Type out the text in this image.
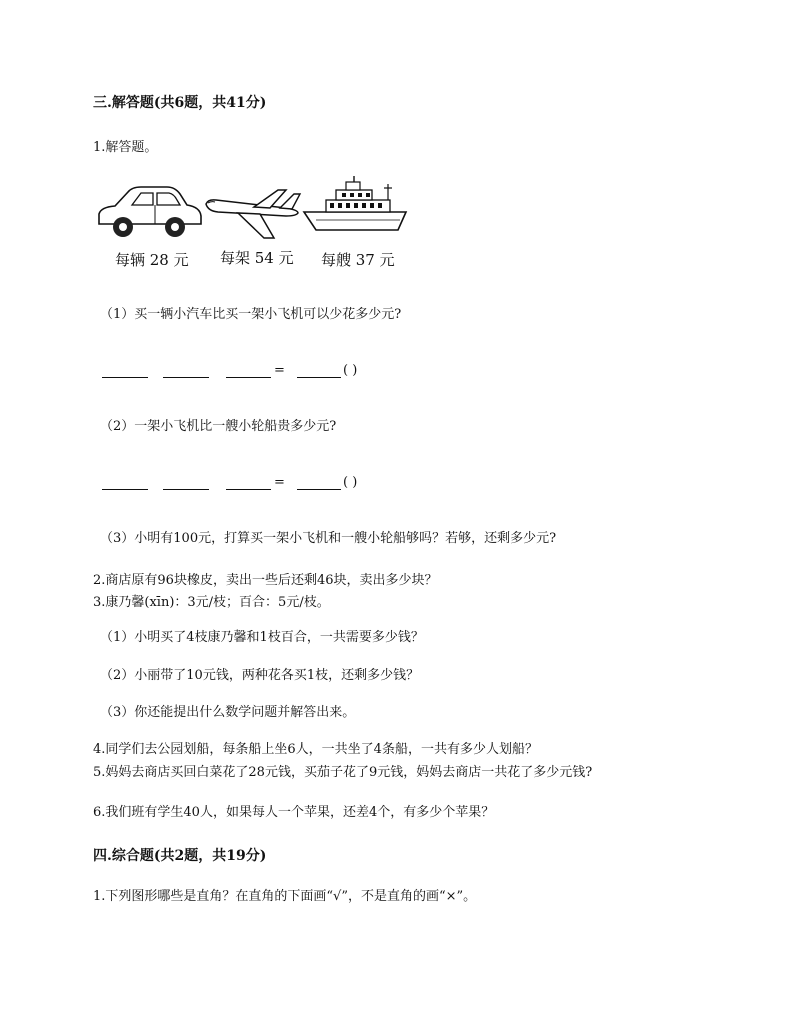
三.解答题(共6题，共41分)
1.解答题。
每辆 28 元 每架 54 元 每艘 37 元
（1）买一辆小汽车比买一架小飞机可以少花多少元?
=	( )
（2）一架小飞机比一艘小轮船贵多少元?
=	( )
（3）小明有100元，打算买一架小飞机和一艘小轮船够吗？若够，还剩多少元?
2.商店原有96块橡皮，卖出一些后还剩46块，卖出多少块？
3.康乃馨(xīn)：3元/枝；百合：5元/枝。
（1）小明买了4枝康乃馨和1枝百合，一共需要多少钱？
（2）小丽带了10元钱，两种花各买1枝，还剩多少钱？
（3）你还能提出什么数学问题并解答出来。
4.同学们去公园划船，每条船上坐6人，一共坐了4条船，一共有多少人划船？
5.妈妈去商店买回白菜花了28元钱，买茄子花了9元钱，妈妈去商店一共花了多少元钱?
6.我们班有学生40人，如果每人一个苹果，还差4个，有多少个苹果？
四.综合题(共2题，共19分)
1.下列图形哪些是直角？在直角的下面画“√”，不是直角的画“×”。
